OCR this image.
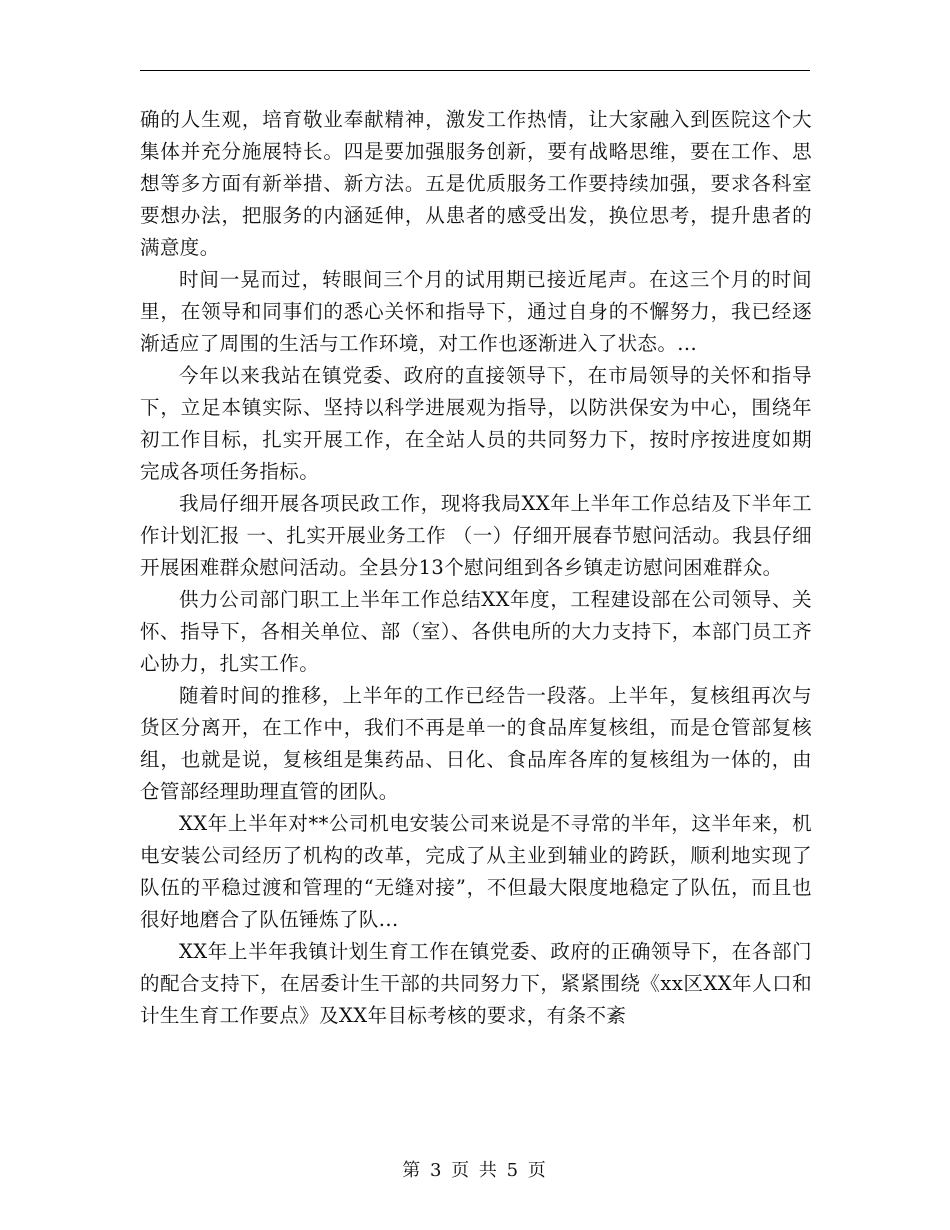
确的人生观，培育敬业奉献精神，激发工作热情，让大家融入到医院这个大集体并充分施展特长。四是要加强服务创新，要有战略思维，要在工作、思想等多方面有新举措、新方法。五是优质服务工作要持续加强，要求各科室要想办法，把服务的内涵延伸，从患者的感受出发，换位思考，提升患者的满意度。

时间一晃而过，转眼间三个月的试用期已接近尾声。在这三个月的时间里，在领导和同事们的悉心关怀和指导下，通过自身的不懈努力，我已经逐渐适应了周围的生活与工作环境，对工作也逐渐进入了状态。...

今年以来我站在镇党委、政府的直接领导下，在市局领导的关怀和指导下，立足本镇实际、坚持以科学进展观为指导，以防洪保安为中心，围绕年初工作目标，扎实开展工作，在全站人员的共同努力下，按时序按进度如期完成各项任务指标。

我局仔细开展各项民政工作，现将我局XX年上半年工作总结及下半年工作计划汇报 一、扎实开展业务工作 （一）仔细开展春节慰问活动。我县仔细开展困难群众慰问活动。全县分13个慰问组到各乡镇走访慰问困难群众。

供力公司部门职工上半年工作总结XX年度，工程建设部在公司领导、关怀、指导下，各相关单位、部（室）、各供电所的大力支持下，本部门员工齐心协力，扎实工作。

随着时间的推移，上半年的工作已经告一段落。上半年，复核组再次与货区分离开，在工作中，我们不再是单一的食品库复核组，而是仓管部复核组，也就是说，复核组是集药品、日化、食品库各库的复核组为一体的，由仓管部经理助理直管的团队。

XX年上半年对**公司机电安装公司来说是不寻常的半年，这半年来，机电安装公司经历了机构的改革，完成了从主业到辅业的跨跃，顺利地实现了队伍的平稳过渡和管理的“无缝对接”，不但最大限度地稳定了队伍，而且也很好地磨合了队伍锤炼了队...

XX年上半年我镇计划生育工作在镇党委、政府的正确领导下，在各部门的配合支持下，在居委计生干部的共同努力下，紧紧围绕《xx区XX年人口和计生生育工作要点》及XX年目标考核的要求，有条不紊

第 3 页 共 5 页
